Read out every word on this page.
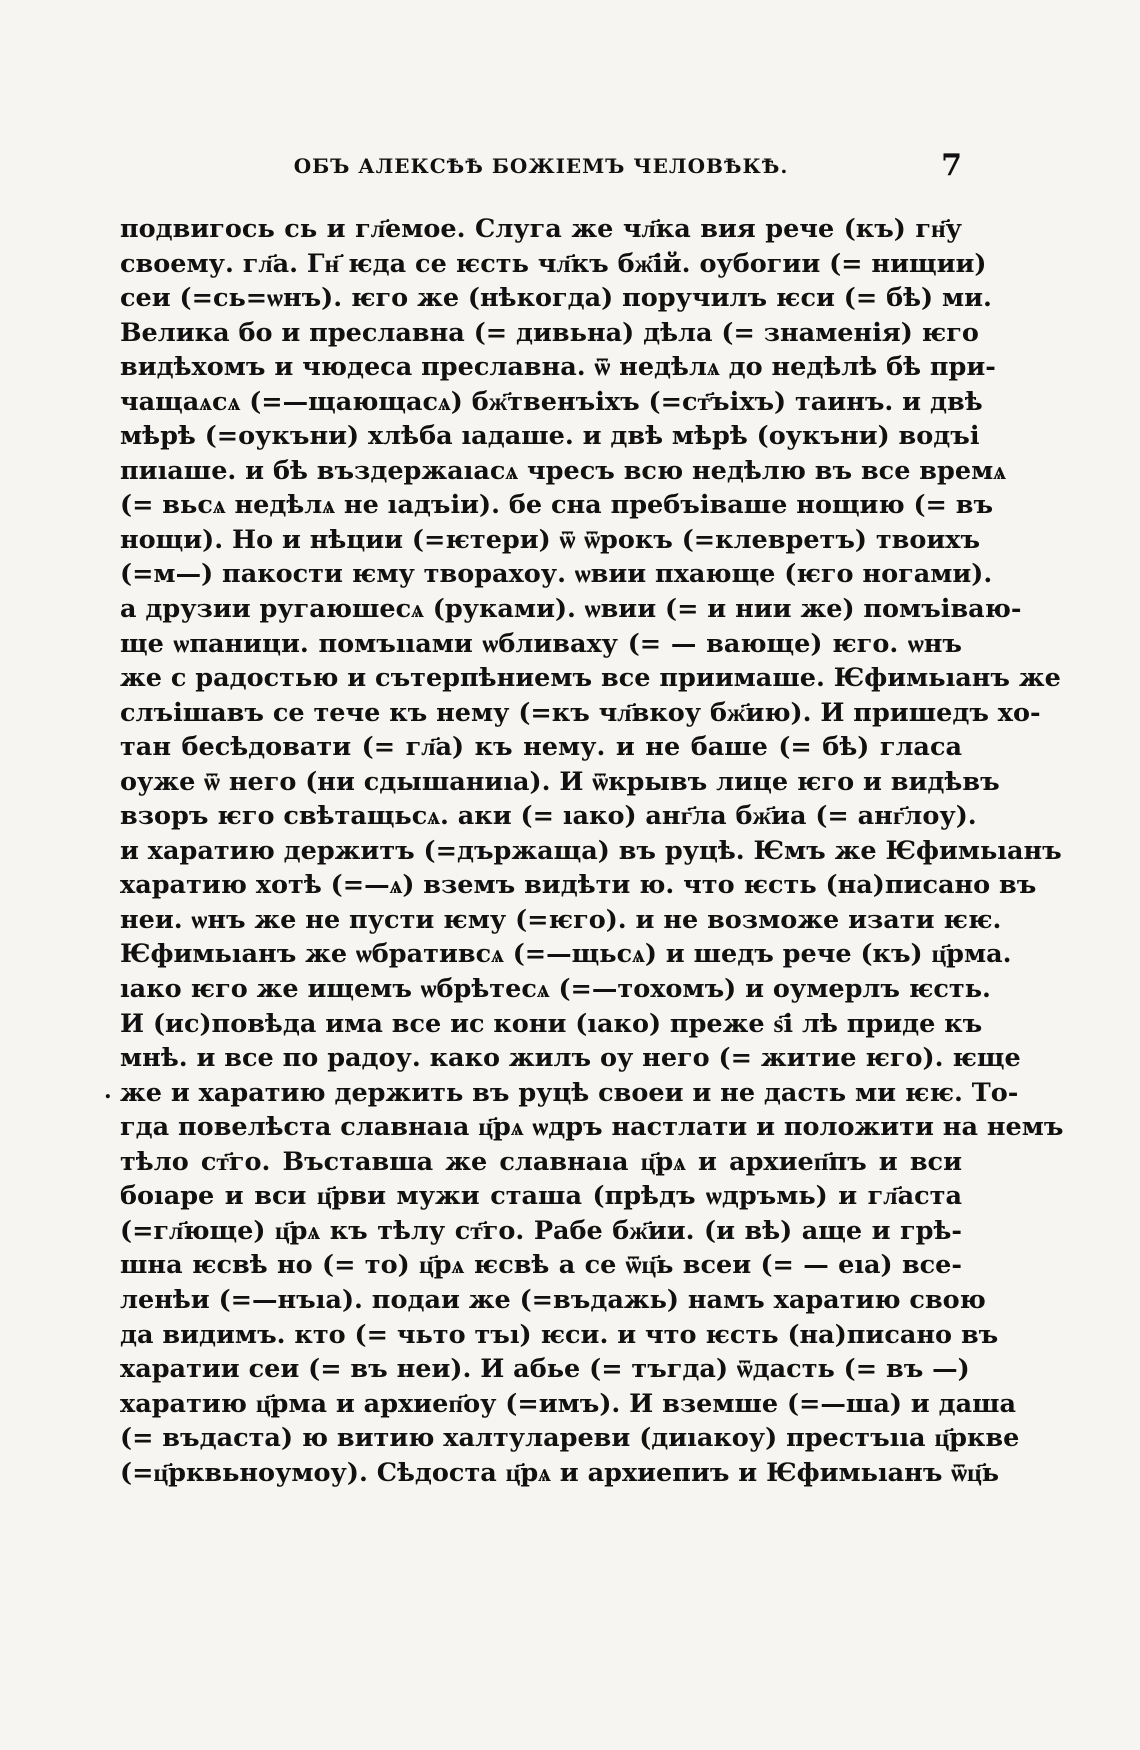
ОБЪ АЛЕКСѢѢ БОЖІЕМЪ ЧЕЛОВѢКѢ.	7
.
подвигось сь и гл҃емое. Слуга же чл҃ка вия рече (къ) гн҃у
своему. гл҃а. Гн҃ ѥда се ѥсть чл҃къ бж҃ій. оубогии (= нищии)
сеи (=сь=ѡнъ). ѥго же (нѣкогда) поручилъ ѥси (= бѣ) ми.
Велика бо и преславна (= дивьна) дѣла (= знаменія) ѥго
видѣхомъ и чюдеса преславна. ѿ недѣлѧ до недѣлѣ бѣ при-
чащаѧсѧ (=—щающасѧ) бж҃твенъіхъ (=ст҃ъіхъ) таинъ. и двѣ
мѣрѣ (=оукъни) хлѣба ıадаше. и двѣ мѣрѣ (оукъни) водъі
пиıаше. и бѣ въздержаıасѧ чресъ всю недѣлю въ все времѧ
(= вьсѧ недѣлѧ не ıадъіи). бе сна пребъіваше нощию (= въ
нощи). Но и нѣции (=ѥтери) ѿ ѿрокъ (=клевретъ) твоихъ
(=м—) пакости ѥму творахоу. ѡвии пхающе (ѥго ногами).
а друзии ругаюшесѧ (руками). ѡвии (= и нии же) помъіваю-
ще ѡпаници. помъııами ѡбливаху (= — вающе) ѥго. ѡнъ
же с радостью и сътерпѣниемъ все приимаше. Ѥфимьıанъ же
слъішавъ се тече къ нему (=къ чл҃вкоу бж҃ию). И пришедъ хо-
тан бесѣдовати (= гл҃а) къ нему. и не баше (= бѣ) гласа
оуже ѿ него (ни сдышаниıа). И ѿкрывъ лице ѥго и видѣвъ
взоръ ѥго свѣтащьсѧ. аки (= ıако) анг҃ла бж҃иа (= анг҃лоу).
и харатию держитъ (=държаща) въ руцѣ. Ѥмъ же Ѥфимьıанъ
харатию хотѣ (=—ѧ) вземъ видѣти ю. что ѥсть (на)писано въ
неи. ѡнъ же не пусти ѥму (=ѥго). и не возможе изати ѥѥ.
Ѥфимьıанъ же ѡбративсѧ (=—щьсѧ) и шедъ рече (къ) ц҃рма.
ıако ѥго же ищемъ ѡбрѣтесѧ (=—тохомъ) и оумерлъ ѥсть.
И (ис)повѣда има все ис кони (ıако) преже ѕ҃і лѣ приде къ
мнѣ. и все по радоу. како жилъ оу него (= житие ѥго). ѥще
же и харатию держить въ руцѣ своеи и не дасть ми ѥѥ. То-
гда повелѣста славнаıа ц҃рѧ ѡдръ настлати и положити на немъ
тѣло ст҃го. Въставша же славнаıа ц҃рѧ и архиеп҃пъ и вси
боıаре и вси ц҃рви мужи сташа (прѣдъ ѡдръмь) и гл҃аста
(=гл҃юще) ц҃рѧ къ тѣлу ст҃го. Рабе бж҃ии. (и вѣ) аще и грѣ-
шна ѥсвѣ но (= то) ц҃рѧ ѥсвѣ а се ѿц҃ь всеи (= — еıа) все-
ленѣи (=—нъıа). подаи же (=въдажь) намъ харатию свою
да видимъ. кто (= чьто тъı) ѥси. и что ѥсть (на)писано въ
харатии сеи (= въ неи). И абье (= тъгда) ѿдасть (= въ —)
харатию ц҃рма и архиеп҃оу (=имъ). И вземше (=—ша) и даша
(= въдаста) ю витию халтулареви (диıакоу) престъııа ц҃ркве
(=ц҃рквьноумоу). Сѣдоста ц҃рѧ и архиепиъ и Ѥфимьıанъ ѿц҃ь
